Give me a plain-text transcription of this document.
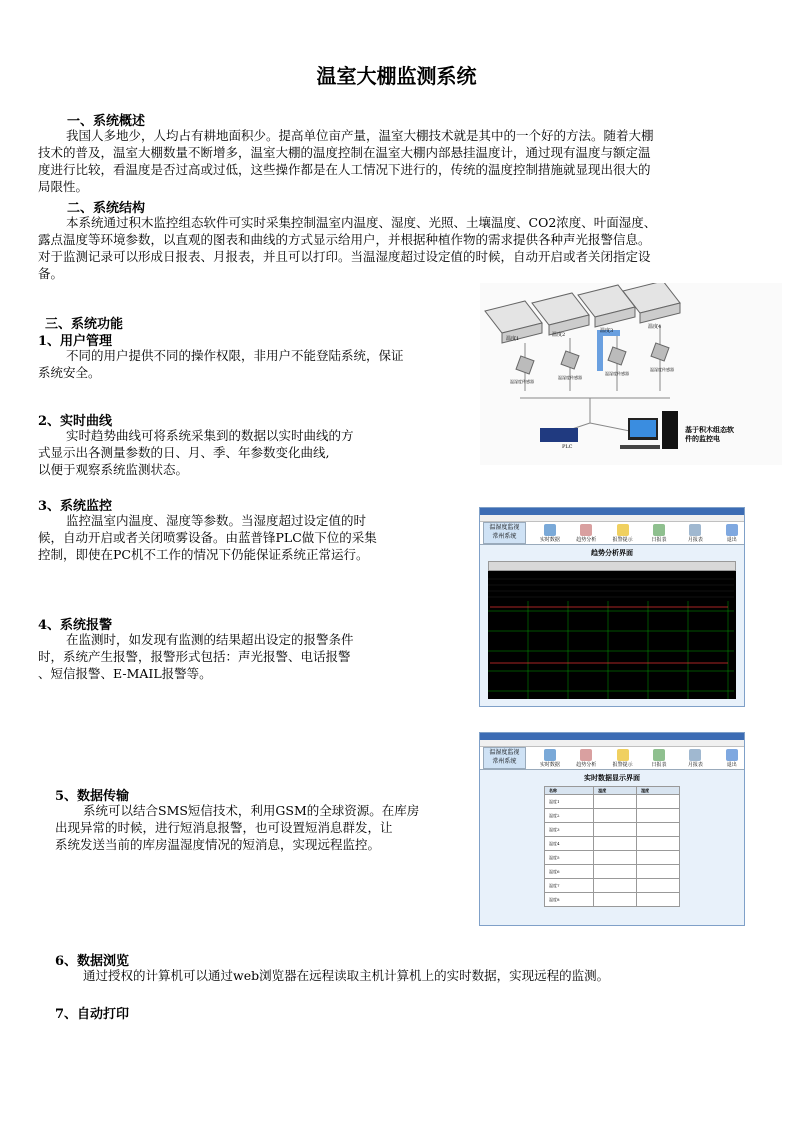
温室大棚监测系统
一、系统概述
我国人多地少，人均占有耕地面积少。提高单位亩产量，温室大棚技术就是其中的一个好的方法。随着大棚
技术的普及，温室大棚数量不断增多，温室大棚的温度控制在温室大棚内部悬挂温度计，通过现有温度与额定温
度进行比较，看温度是否过高或过低，这些操作都是在人工情况下进行的，传统的温度控制措施就显现出很大的
局限性。
二、系统结构
本系统通过积木监控组态软件可实时采集控制温室内温度、湿度、光照、土壤温度、CO2浓度、叶面湿度、
露点温度等环境参数，以直观的图表和曲线的方式显示给用户，并根据种植作物的需求提供各种声光报警信息。
对于监测记录可以形成日报表、月报表，并且可以打印。当温湿度超过设定值的时候，自动开启或者关闭指定设
备。
三、系统功能
1、用户管理
不同的用户提供不同的操作权限，非用户不能登陆系统，保证
系统安全。
2、实时曲线
实时趋势曲线可将系统采集到的数据以实时曲线的方
式显示出各测量参数的日、月、季、年参数变化曲线,
以便于观察系统监测状态。
3、系统监控
监控温室内温度、湿度等参数。当湿度超过设定值的时
候，自动开启或者关闭喷雾设备。由蓝普锋PLC做下位的采集
控制，即使在PC机不工作的情况下仍能保证系统正常运行。
4、系统报警
在监测时，如发现有监测的结果超出设定的报警条件
时，系统产生报警，报警形式包括：声光报警、电话报警
、短信报警、E-MAIL报警等。
5、数据传输
系统可以结合SMS短信技术，利用GSM的全球资源。在库房
出现异常的时候，进行短消息报警，也可设置短消息群发，让
系统发送当前的库房温湿度情况的短消息，实现远程监控。
6、数据浏览
通过授权的计算机可以通过web浏览器在远程读取主机计算机上的实时数据，实现远程的监测。
7、自动打印
温度1
温度2
温度3
温度4
温湿度传感器
温湿度传感器
温湿度传感器
温湿度传感器
PLC
基于积木组态软
件的监控电
温湿度监视
常州系统	实时数据	趋势分析	报警提示	日报表	月报表	退出
趋势分析界面
温湿度监视
常州系统	实时数据	趋势分析	报警提示	日报表	月报表	退出
实时数据显示界面
名称	温度	湿度
温度1		
温度2		
温度3		
温度4		
温度5		
温度6		
温度7		
温度8		
